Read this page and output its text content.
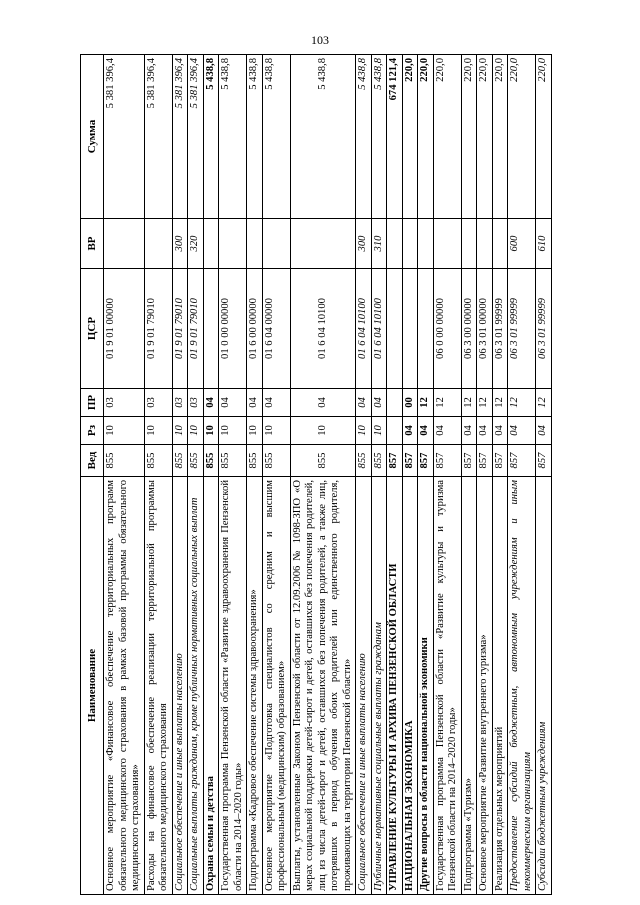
103
Наименование	Вед	Рз	ПР	ЦСР	ВР	Сумма
Основное мероприятие «Финансовое обеспечение территориальных программ обязательного медицинского страхования в рамках базовой программы обязательного медицинского страхования»	855	10	03	01 9 01 00000		5 381 396,4
Расходы на финансовое обеспечение реализации территориальной программы обязательного медицинского страхования	855	10	03	01 9 01 79010		5 381 396,4
Социальное обеспечение и иные выплаты населению	855	10	03	01 9 01 79010	300	5 381 396,4
Социальные выплаты гражданам, кроме публичных нормативных социальных выплат	855	10	03	01 9 01 79010	320	5 381 396,4
Охрана семьи и детства	855	10	04			5 438,8
Государственная программа Пензенской области «Развитие здравоохранения Пензенской области на 2014–2020 годы»	855	10	04	01 0 00 00000		5 438,8
Подпрограмма «Кадровое обеспечение системы здравоохранения»	855	10	04	01 6 00 00000		5 438,8
Основное мероприятие «Подготовка специалистов со средним и высшим профессиональным (медицинским) образованием»	855	10	04	01 6 04 00000		5 438,8
Выплаты, установленные Законом Пензенской области от 12.09.2006 № 1098-ЗПО «О мерах социальной поддержки детей-сирот и детей, оставшихся без попечения родителей, лиц из числа детей-сирот и детей, оставшихся без попечения родителей, а также лиц, потерявших в период обучения обоих родителей или единственного родителя, проживающих на территории Пензенской области»	855	10	04	01 6 04 10100		5 438,8
Социальное обеспечение и иные выплаты населению	855	10	04	01 6 04 10100	300	5 438,8
Публичные нормативные социальные выплаты гражданам	855	10	04	01 6 04 10100	310	5 438,8
УПРАВЛЕНИЕ КУЛЬТУРЫ И АРХИВА ПЕНЗЕНСКОЙ ОБЛАСТИ	857					674 121,4
НАЦИОНАЛЬНАЯ ЭКОНОМИКА	857	04	00			220,0
Другие вопросы в области национальной экономики	857	04	12			220,0
Государственная программа Пензенской области «Развитие культуры и туризма Пензенской области на 2014–2020 годы»	857	04	12	06 0 00 00000		220,0
Подпрограмма «Туризм»	857	04	12	06 3 00 00000		220,0
Основное мероприятие «Развитие внутреннего туризма»	857	04	12	06 3 01 00000		220,0
Реализация отдельных мероприятий	857	04	12	06 3 01 99999		220,0
Предоставление субсидий бюджетным, автономным учреждениям и иным некоммерческим организациям	857	04	12	06 3 01 99999	600	220,0
Субсидии бюджетным учреждениям	857	04	12	06 3 01 99999	610	220,0
